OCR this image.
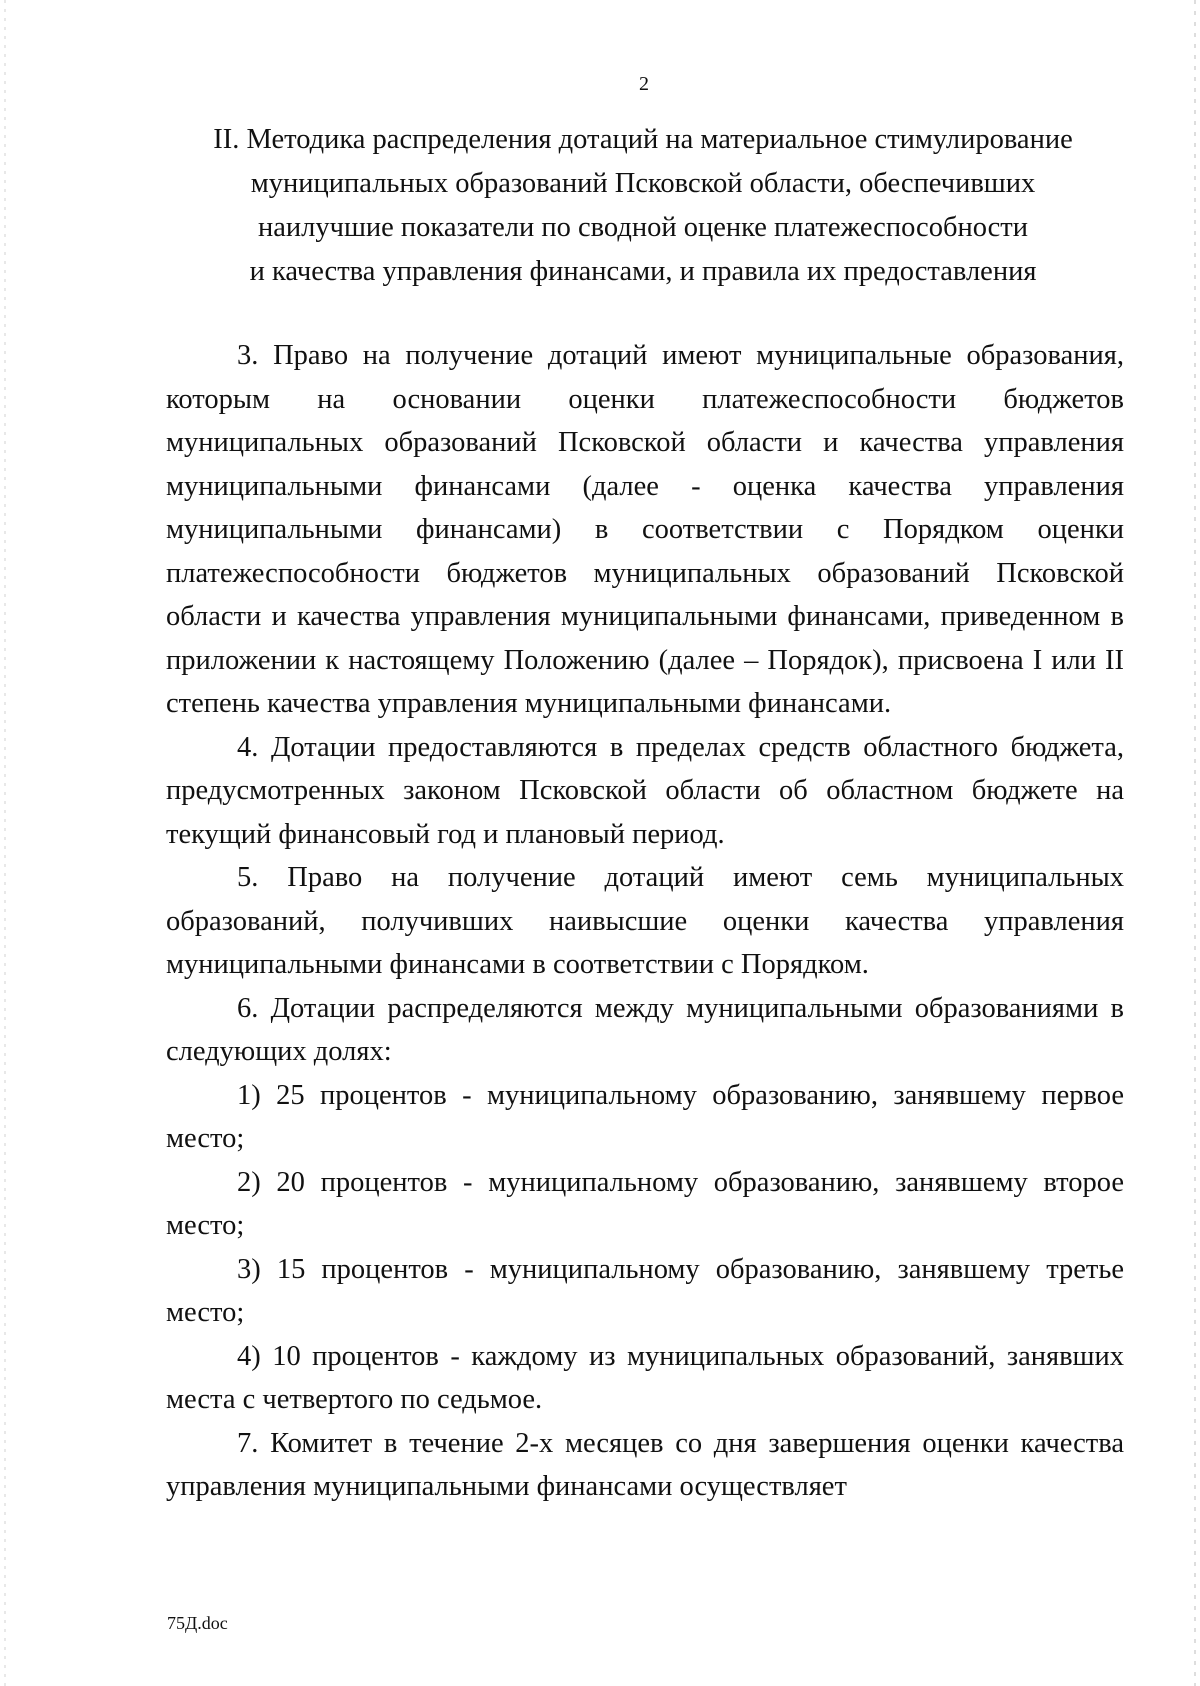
2
II. Методика распределения дотаций на материальное стимулирование
муниципальных образований Псковской области, обеспечивших
наилучшие показатели по сводной оценке платежеспособности
и качества управления финансами, и правила их предоставления

3. Право на получение дотаций имеют муниципальные образования, которым на основании оценки платежеспособности бюджетов муниципальных образований Псковской области и качества управления муниципальными финансами (далее - оценка качества управления муниципальными финансами) в соответствии с Порядком оценки платежеспособности бюджетов муниципальных образований Псковской области и качества управления муниципальными финансами, приведенном в приложении к настоящему Положению (далее – Порядок), присвоена I или II степень качества управления муниципальными финансами.

4. Дотации предоставляются в пределах средств областного бюджета, предусмотренных законом Псковской области об областном бюджете на текущий финансовый год и плановый период.

5. Право на получение дотаций имеют семь муниципальных образований, получивших наивысшие оценки качества управления муниципальными финансами в соответствии с Порядком.

6. Дотации распределяются между муниципальными образованиями в следующих долях:

1) 25 процентов - муниципальному образованию, занявшему первое место;

2) 20 процентов - муниципальному образованию, занявшему второе место;

3) 15 процентов - муниципальному образованию, занявшему третье место;

4) 10 процентов - каждому из муниципальных образований, занявших места с четвертого по седьмое.

7. Комитет в течение 2-х месяцев со дня завершения оценки качества управления муниципальными финансами осуществляет

75Д.doc
